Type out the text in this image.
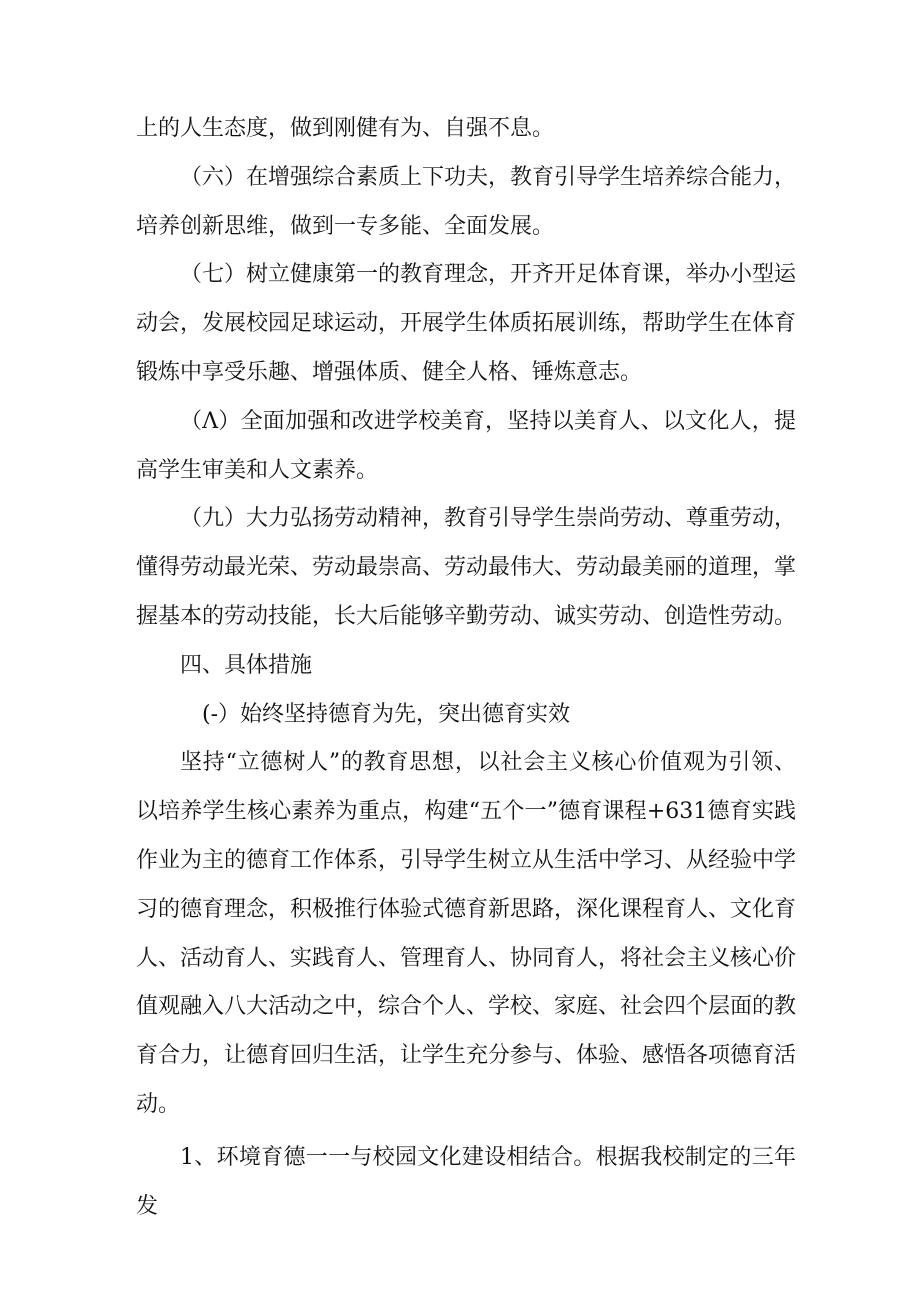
上的人生态度，做到刚健有为、自强不息。

（六）在增强综合素质上下功夫，教育引导学生培养综合能力，培养创新思维，做到一专多能、全面发展。

（七）树立健康第一的教育理念，开齐开足体育课，举办小型运动会，发展校园足球运动，开展学生体质拓展训练，帮助学生在体育锻炼中享受乐趣、增强体质、健全人格、锤炼意志。

（Λ）全面加强和改进学校美育，坚持以美育人、以文化人，提高学生审美和人文素养。

（九）大力弘扬劳动精神，教育引导学生崇尚劳动、尊重劳动，懂得劳动最光荣、劳动最崇高、劳动最伟大、劳动最美丽的道理，掌握基本的劳动技能，长大后能够辛勤劳动、诚实劳动、创造性劳动。

四、具体措施

(-）始终坚持德育为先，突出德育实效

坚持“立德树人”的教育思想，以社会主义核心价值观为引领、以培养学生核心素养为重点，构建“五个一”德育课程+631德育实践作业为主的德育工作体系，引导学生树立从生活中学习、从经验中学习的德育理念，积极推行体验式德育新思路，深化课程育人、文化育人、活动育人、实践育人、管理育人、协同育人，将社会主义核心价值观融入八大活动之中，综合个人、学校、家庭、社会四个层面的教育合力，让德育回归生活，让学生充分参与、体验、感悟各项德育活动。

1、环境育德一一与校园文化建设相结合。根据我校制定的三年发
